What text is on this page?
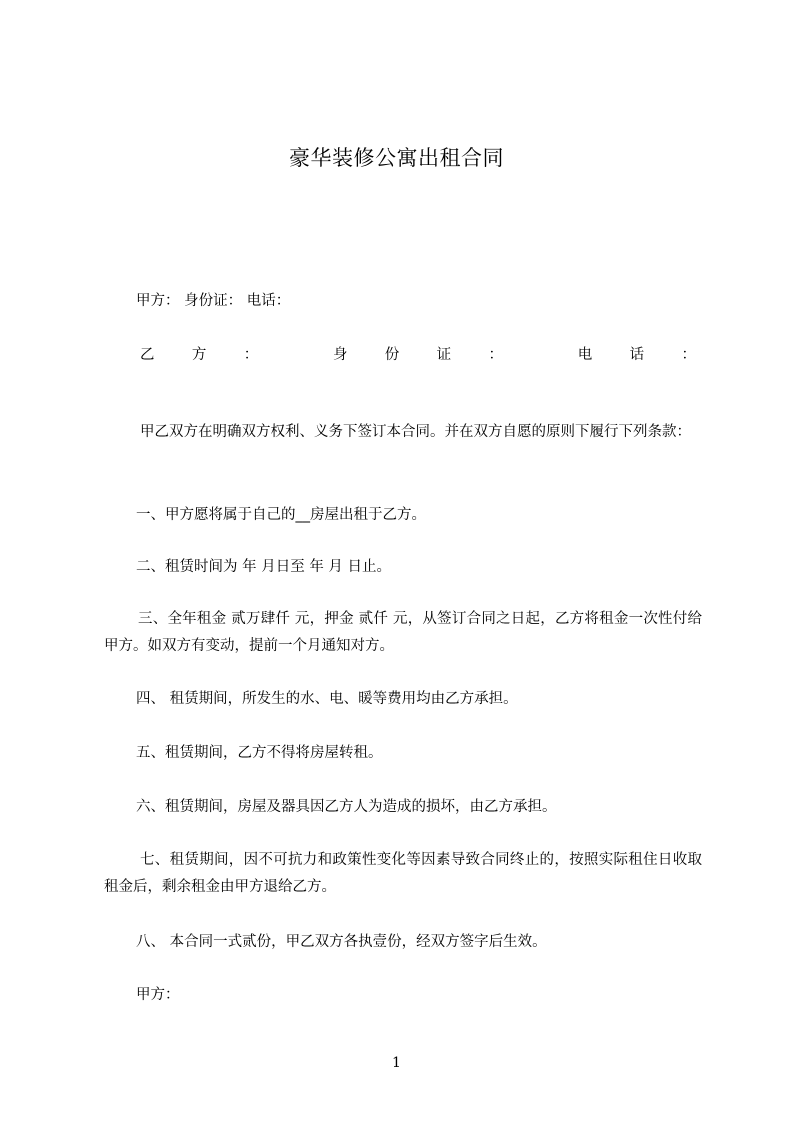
豪华装修公寓出租合同
甲方： 身份证： 电话：
乙	方	：	身	份	证	：	电	话	：
甲乙双方在明确双方权利、义务下签订本合同。并在双方自愿的原则下履行下列条款：
一、甲方愿将属于自己的__房屋出租于乙方。
二、租赁时间为 年 月日至 年 月 日止。
三、全年租金 贰万肆仟 元，押金 贰仟 元，从签订合同之日起，乙方将租金一次性付给甲方。如双方有变动，提前一个月通知对方。
四、 租赁期间，所发生的水、电、暖等费用均由乙方承担。
五、租赁期间，乙方不得将房屋转租。
六、租赁期间，房屋及器具因乙方人为造成的损坏，由乙方承担。
七、租赁期间，因不可抗力和政策性变化等因素导致合同终止的，按照实际租住日收取租金后，剩余租金由甲方退给乙方。
八、 本合同一式贰份，甲乙双方各执壹份，经双方签字后生效。
甲方：
1
